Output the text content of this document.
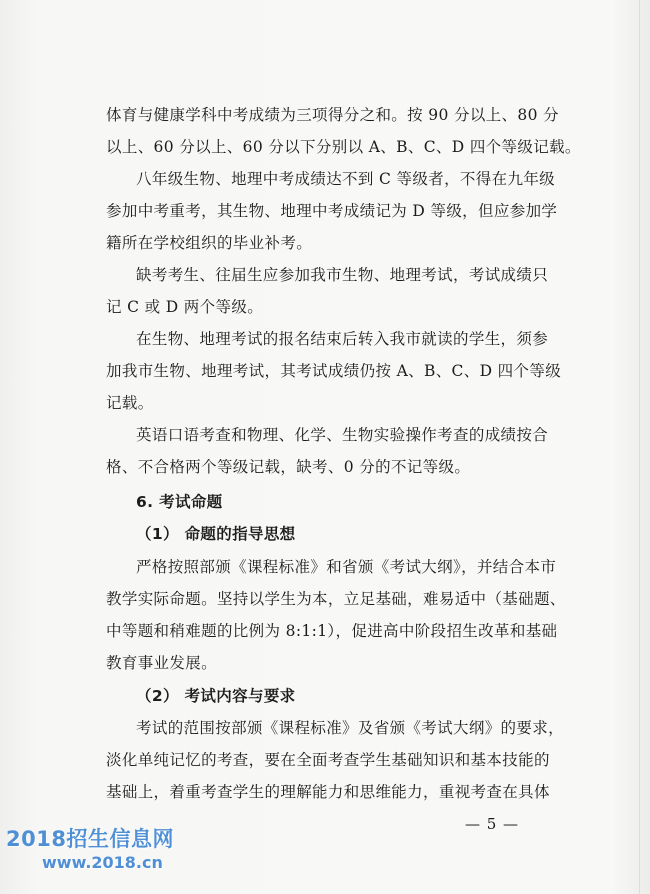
体育与健康学科中考成绩为三项得分之和。按 90 分以上、80 分
以上、60 分以上、60 分以下分别以 A、B、C、D 四个等级记载。
八年级生物、地理中考成绩达不到 C 等级者，不得在九年级
参加中考重考，其生物、地理中考成绩记为 D 等级，但应参加学
籍所在学校组织的毕业补考。
缺考考生、往届生应参加我市生物、地理考试，考试成绩只
记 C 或 D 两个等级。
在生物、地理考试的报名结束后转入我市就读的学生，须参
加我市生物、地理考试，其考试成绩仍按 A、B、C、D 四个等级
记载。
英语口语考查和物理、化学、生物实验操作考查的成绩按合
格、不合格两个等级记载，缺考、0 分的不记等级。
6. 考试命题
（1） 命题的指导思想
严格按照部颁《课程标准》和省颁《考试大纲》，并结合本市
教学实际命题。坚持以学生为本，立足基础，难易适中（基础题、
中等题和稍难题的比例为 8:1:1），促进高中阶段招生改革和基础
教育事业发展。
（2） 考试内容与要求
考试的范围按部颁《课程标准》及省颁《考试大纲》的要求，
淡化单纯记忆的考查，要在全面考查学生基础知识和基本技能的
基础上，着重考查学生的理解能力和思维能力，重视考查在具体
— 5 —
2018招生信息网
www.2018.cn
